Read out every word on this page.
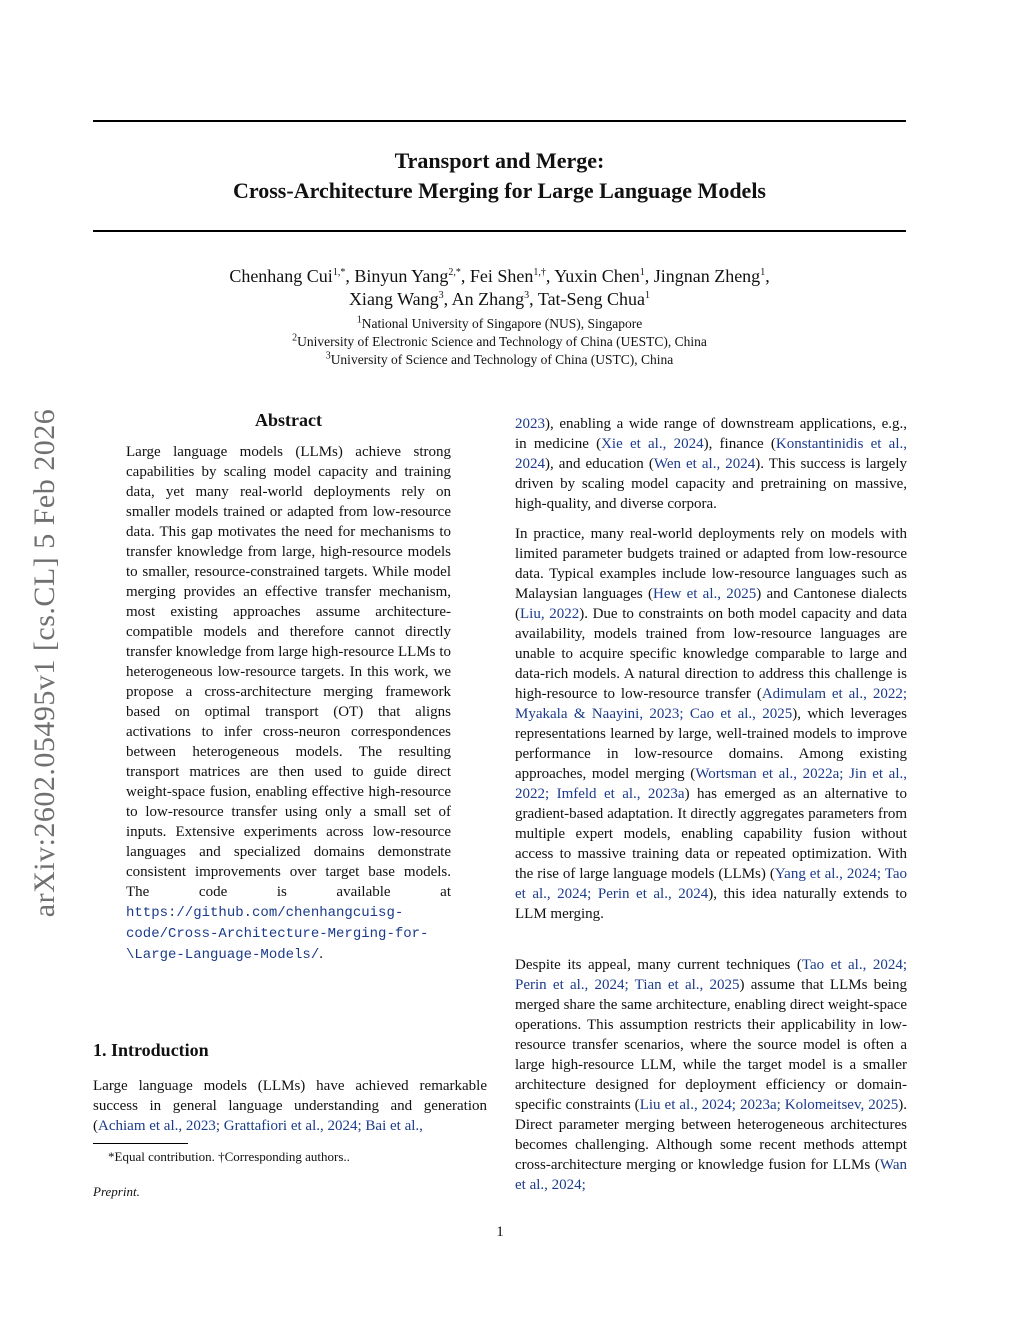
arXiv:2602.05495v1 [cs.CL] 5 Feb 2026
Transport and Merge:
Cross-Architecture Merging for Large Language Models
Chenhang Cui$^{1,*}$, Binyun Yang$^{2,*}$, Fei Shen$^{1,\dagger}$, Yuxin Chen$^1$, Jingnan Zheng$^1$,
Xiang Wang$^3$, An Zhang$^3$, Tat-Seng Chua$^1$
$^1$National University of Singapore (NUS), Singapore
$^2$University of Electronic Science and Technology of China (UESTC), China
$^3$University of Science and Technology of China (USTC), China
Abstract
Large language models (LLMs) achieve strong capabilities by scaling model capacity and training data, yet many real-world deployments rely on smaller models trained or adapted from low-resource data. This gap motivates the need for mechanisms to transfer knowledge from large, high-resource models to smaller, resource-constrained targets. While model merging provides an effective transfer mechanism, most existing approaches assume architecture-compatible models and therefore cannot directly transfer knowledge from large high-resource LLMs to heterogeneous low-resource targets. In this work, we propose a cross-architecture merging framework based on optimal transport (OT) that aligns activations to infer cross-neuron correspondences between heterogeneous models. The resulting transport matrices are then used to guide direct weight-space fusion, enabling effective high-resource to low-resource transfer using only a small set of inputs. Extensive experiments across low-resource languages and specialized domains demonstrate consistent improvements over target base models. The code is available at https://github.com/chenhangcuisg-code/Cross-Architecture-Merging-for-\Large-Language-Models/.
1. Introduction
Large language models (LLMs) have achieved remarkable success in general language understanding and generation (Achiam et al., 2023; Grattafiori et al., 2024; Bai et al.,
*Equal contribution. †Corresponding authors..
Preprint.
2023), enabling a wide range of downstream applications, e.g., in medicine (Xie et al., 2024), finance (Konstantinidis et al., 2024), and education (Wen et al., 2024). This success is largely driven by scaling model capacity and pretraining on massive, high-quality, and diverse corpora.
In practice, many real-world deployments rely on models with limited parameter budgets trained or adapted from low-resource data. Typical examples include low-resource languages such as Malaysian languages (Hew et al., 2025) and Cantonese dialects (Liu, 2022). Due to constraints on both model capacity and data availability, models trained from low-resource languages are unable to acquire specific knowledge comparable to large and data-rich models. A natural direction to address this challenge is high-resource to low-resource transfer (Adimulam et al., 2022; Myakala & Naayini, 2023; Cao et al., 2025), which leverages representations learned by large, well-trained models to improve performance in low-resource domains. Among existing approaches, model merging (Wortsman et al., 2022a; Jin et al., 2022; Imfeld et al., 2023a) has emerged as an alternative to gradient-based adaptation. It directly aggregates parameters from multiple expert models, enabling capability fusion without access to massive training data or repeated optimization. With the rise of large language models (LLMs) (Yang et al., 2024; Tao et al., 2024; Perin et al., 2024), this idea naturally extends to LLM merging.
Despite its appeal, many current techniques (Tao et al., 2024; Perin et al., 2024; Tian et al., 2025) assume that LLMs being merged share the same architecture, enabling direct weight-space operations. This assumption restricts their applicability in low-resource transfer scenarios, where the source model is often a large high-resource LLM, while the target model is a smaller architecture designed for deployment efficiency or domain-specific constraints (Liu et al., 2024; 2023a; Kolomeitsev, 2025). Direct parameter merging between heterogeneous architectures becomes challenging. Although some recent methods attempt cross-architecture merging or knowledge fusion for LLMs (Wan et al., 2024;
1
